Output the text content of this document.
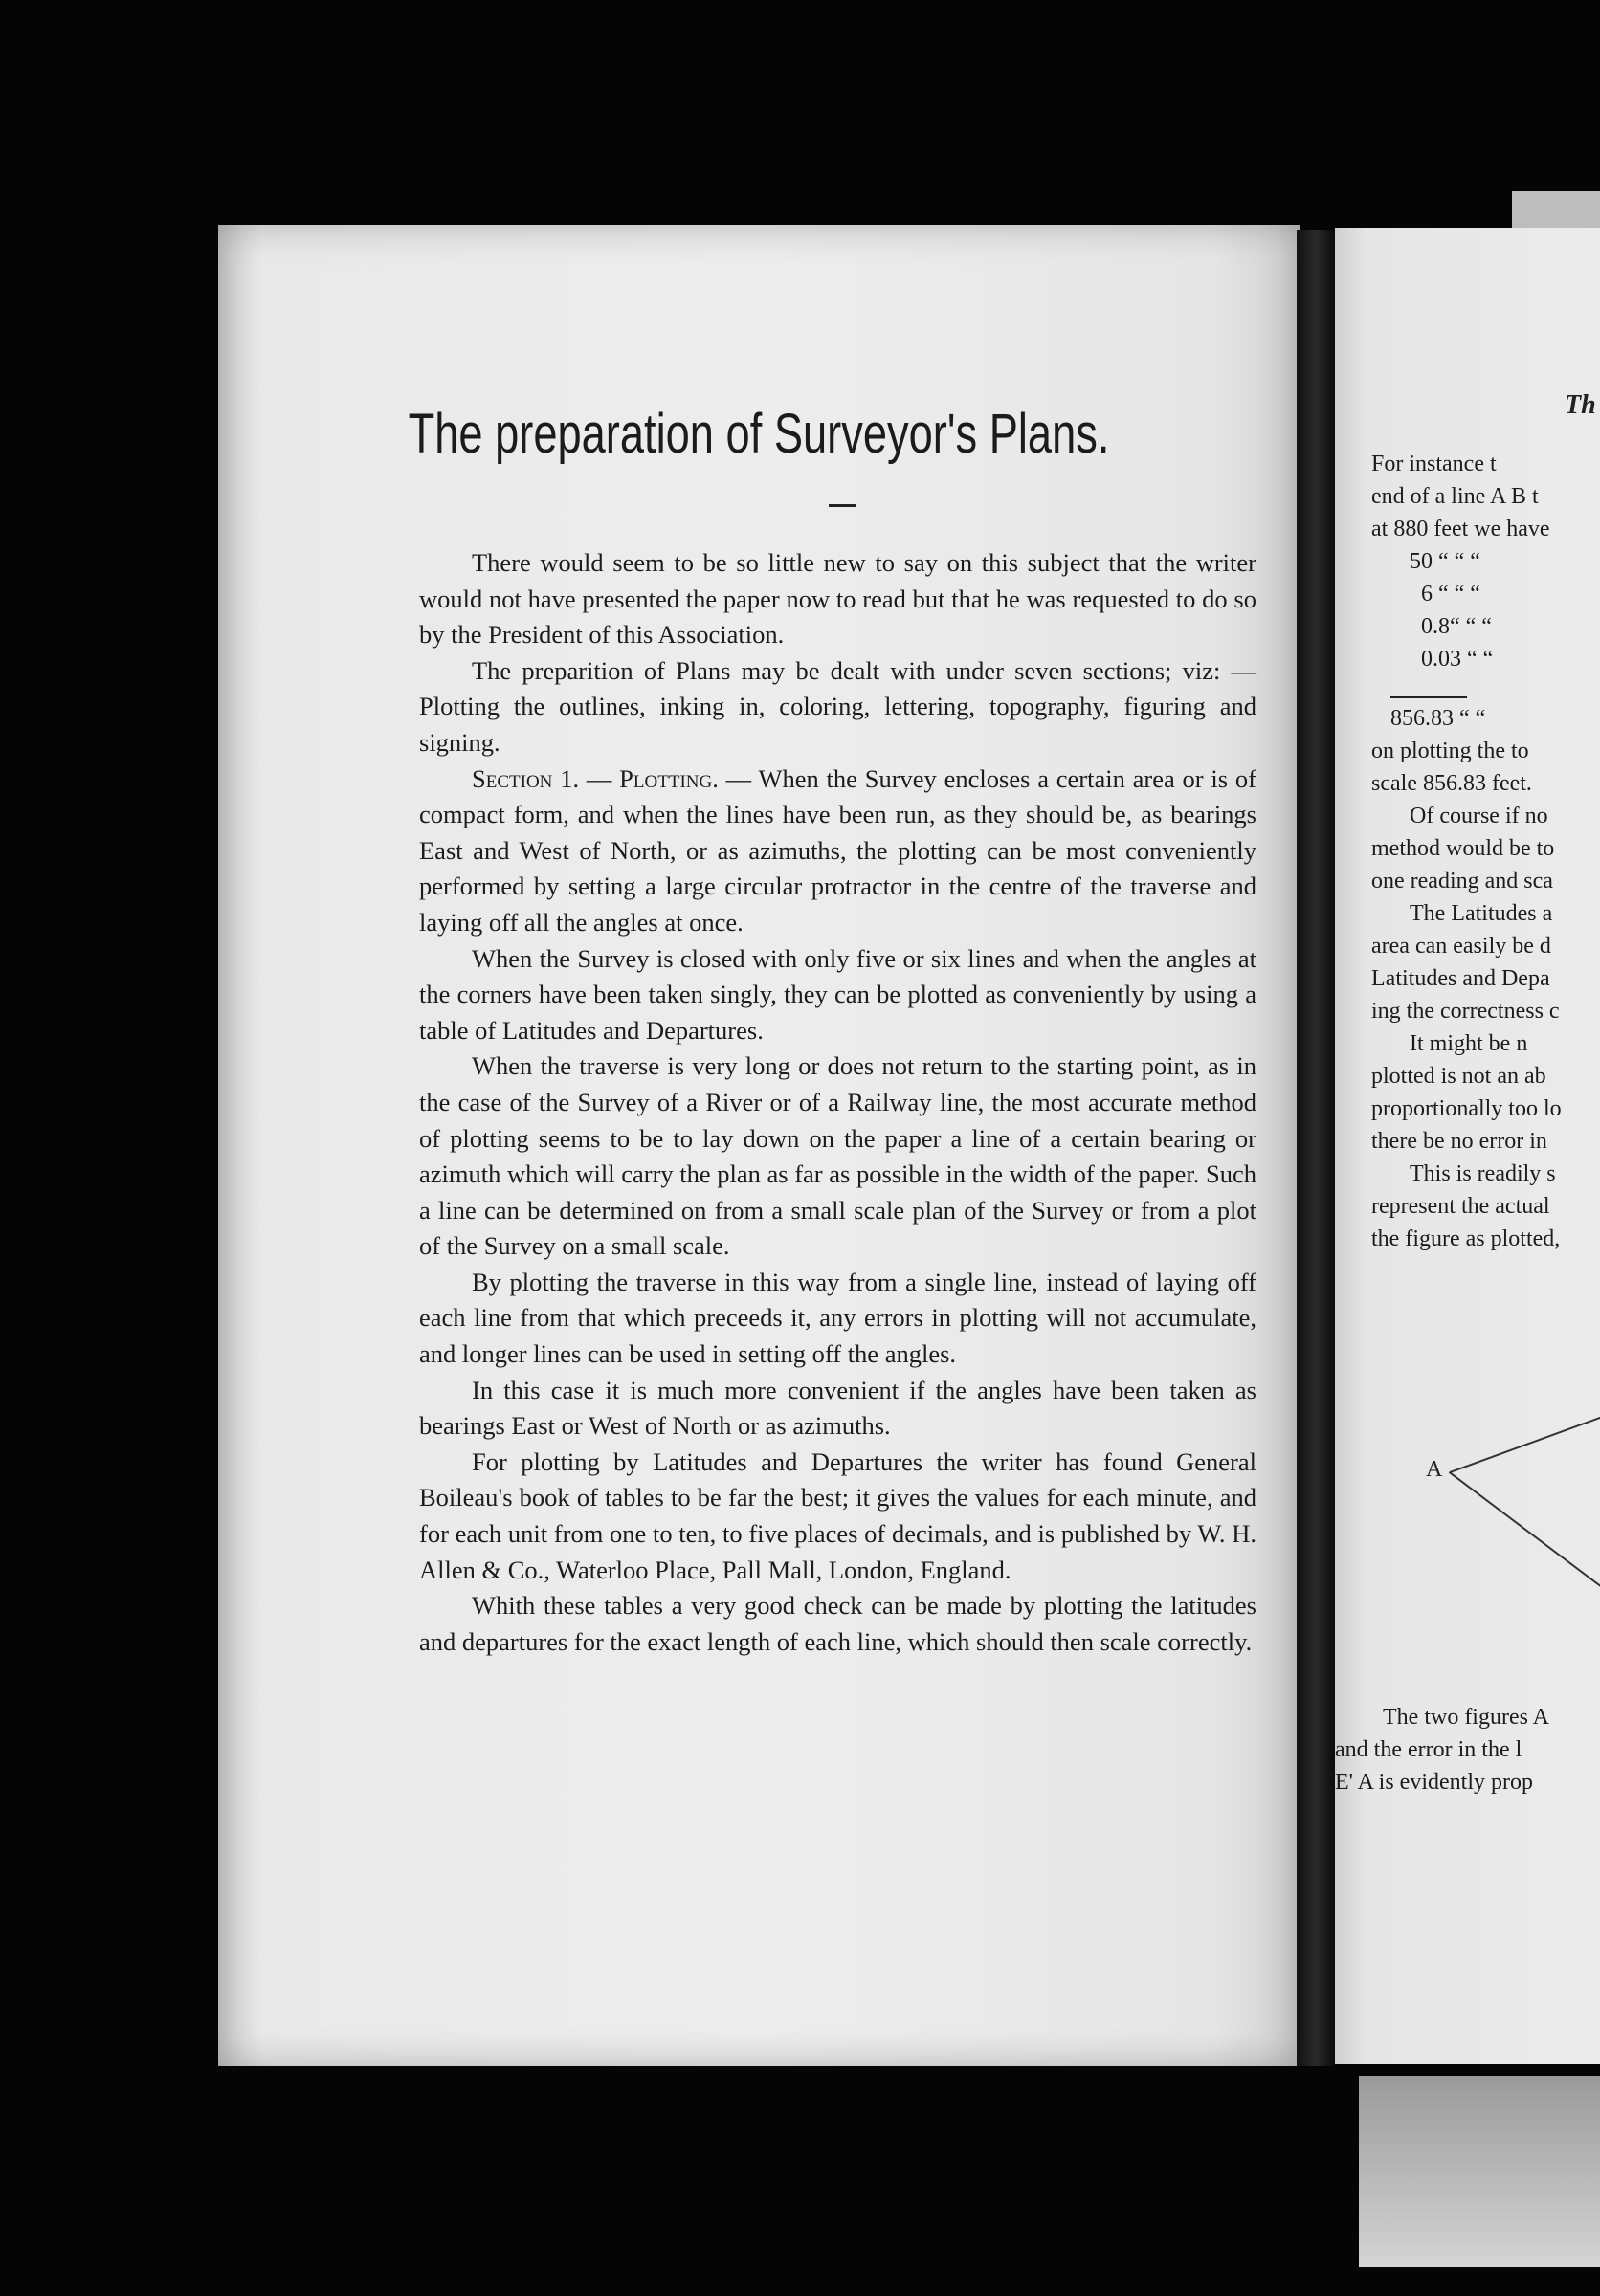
The preparation of Surveyor's Plans.

There would seem to be so little new to say on this subject that the writer would not have presented the paper now to read but that he was requested to do so by the President of this Association.

The preparition of Plans may be dealt with under seven sections; viz: — Plotting the outlines, inking in, coloring, lettering, topography, figuring and signing.

Section 1. — Plotting. — When the Survey encloses a certain area or is of compact form, and when the lines have been run, as they should be, as bearings East and West of North, or as azimuths, the plotting can be most conveniently performed by setting a large circular protractor in the centre of the traverse and laying off all the angles at once.

When the Survey is closed with only five or six lines and when the angles at the corners have been taken singly, they can be plotted as conveniently by using a table of Latitudes and Departures.

When the traverse is very long or does not return to the starting point, as in the case of the Survey of a River or of a Railway line, the most accurate method of plotting seems to be to lay down on the paper a line of a certain bearing or azimuth which will carry the plan as far as possible in the width of the paper. Such a line can be determined on from a small scale plan of the Survey or from a plot of the Survey on a small scale.

By plotting the traverse in this way from a single line, instead of laying off each line from that which preceeds it, any errors in plotting will not accumulate, and longer lines can be used in setting off the angles.

In this case it is much more convenient if the angles have been taken as bearings East or West of North or as azimuths.

For plotting by Latitudes and Departures the writer has found General Boileau's book of tables to be far the best; it gives the values for each minute, and for each unit from one to ten, to five places of decimals, and is published by W. H. Allen & Co., Waterloo Place, Pall Mall, London, England.

Whith these tables a very good check can be made by plotting the latitudes and departures for the exact length of each line, which should then scale correctly.

Th
For instance t
end of a line A B t
at 880 feet we have
50 “ “ “
6 “ “ “
0.8“ “ “
0.03 “ “
856.83 “ “
on plotting the to
scale 856.83 feet.
Of course if no
method would be to
one reading and sca
The Latitudes a
area can easily be d
Latitudes and Depa
ing the correctness c
It might be n
plotted is not an ab
proportionally too lo
there be no error in
This is readily s
represent the actual
the figure as plotted,
A
The two figures A
and the error in the l
E' A is evidently prop
